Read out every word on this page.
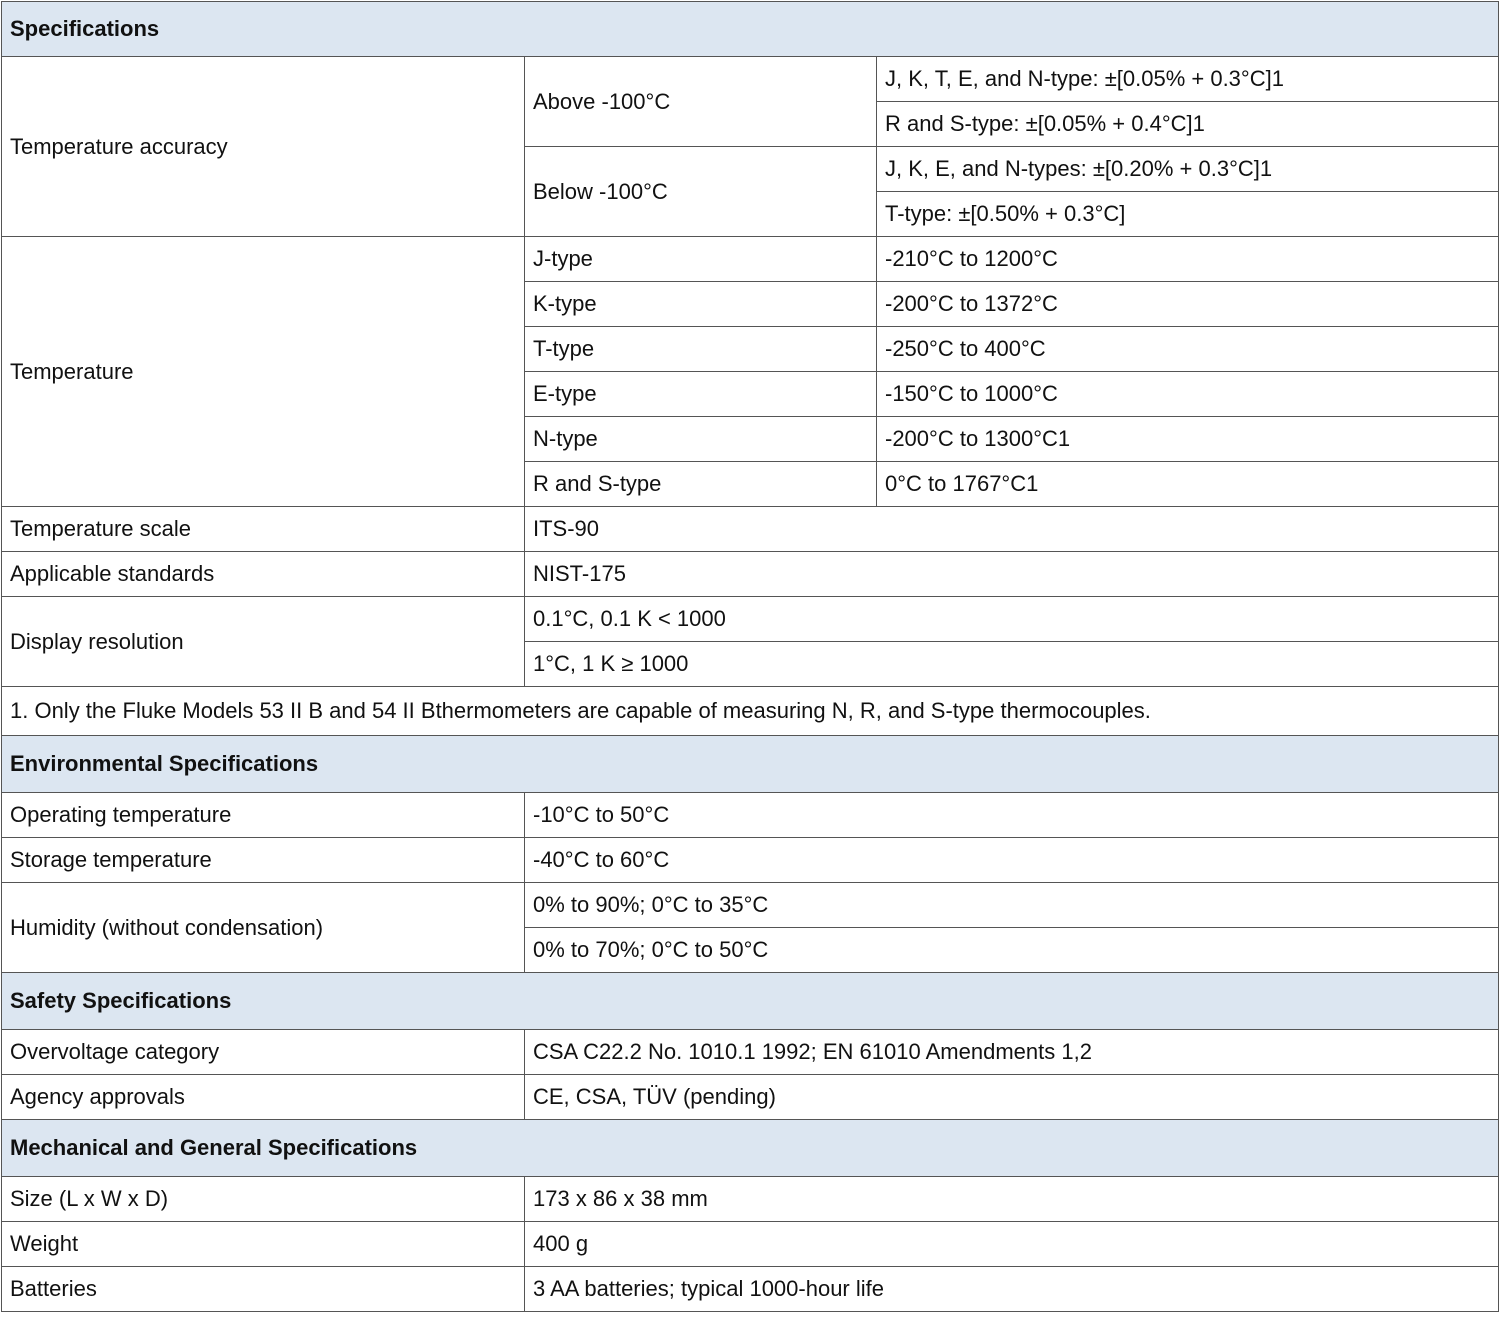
Specifications		
Temperature accuracy	Above -100°C	J, K, T, E, and N-type: ±[0.05% + 0.3°C]1
		R and S-type: ±[0.05% + 0.4°C]1
	Below -100°C	J, K, E, and N-types: ±[0.20% + 0.3°C]1
		T-type: ±[0.50% + 0.3°C]
Temperature	J-type	-210°C to 1200°C
	K-type	-200°C to 1372°C
	T-type	-250°C to 400°C
	E-type	-150°C to 1000°C
	N-type	-200°C to 1300°C1
	R and S-type	0°C to 1767°C1
Temperature scale	ITS-90	
Applicable standards	NIST-175	
Display resolution	0.1°C, 0.1 K < 1000	
	1°C, 1 K ≥ 1000	
1. Only the Fluke Models 53 II B and 54 II Bthermometers are capable of measuring N, R, and S-type thermocouples.		
Environmental Specifications		
Operating temperature	-10°C to 50°C	
Storage temperature	-40°C to 60°C	
Humidity (without condensation)	0% to 90%; 0°C to 35°C	
	0% to 70%; 0°C to 50°C	
Safety Specifications		
Overvoltage category	CSA C22.2 No. 1010.1 1992; EN 61010 Amendments 1,2	
Agency approvals	CE, CSA, TÜV (pending)	
Mechanical and General Specifications		
Size (L x W x D)	173 x 86 x 38 mm	
Weight	400 g	
Batteries	3 AA batteries; typical 1000-hour life	
